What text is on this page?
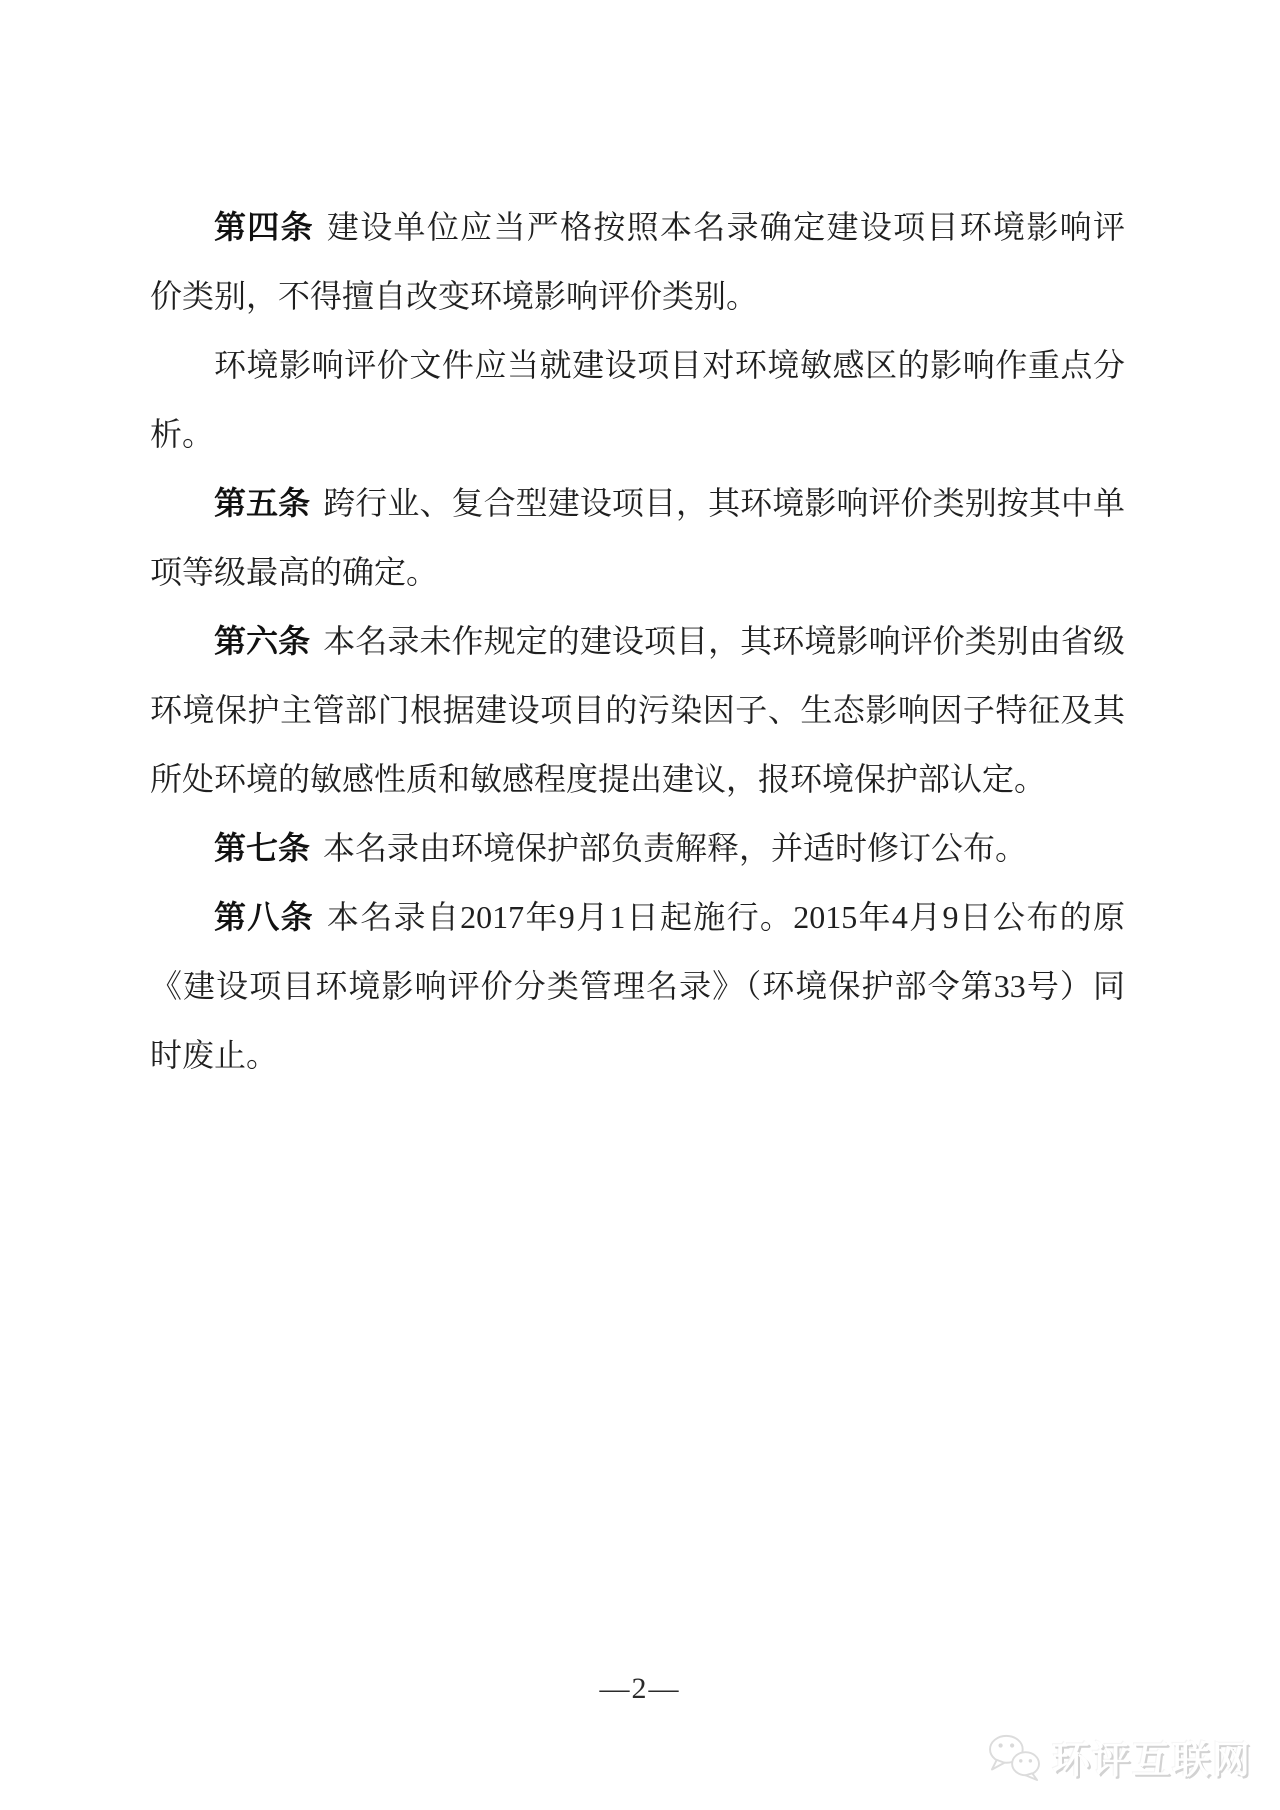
第四条 建设单位应当严格按照本名录确定建设项目环境影响评
价类别，不得擅自改变环境影响评价类别。
环境影响评价文件应当就建设项目对环境敏感区的影响作重点分
析。
第五条 跨行业、复合型建设项目，其环境影响评价类别按其中单
项等级最高的确定。
第六条 本名录未作规定的建设项目，其环境影响评价类别由省级
环境保护主管部门根据建设项目的污染因子、生态影响因子特征及其
所处环境的敏感性质和敏感程度提出建议，报环境保护部认定。
第七条 本名录由环境保护部负责解释，并适时修订公布。
第八条 本名录自2017年9月1日起施行。2015年4月9日公布的原
《建设项目环境影响评价分类管理名录》（环境保护部令第33号）同
时废止。
—2—
环评互联网
